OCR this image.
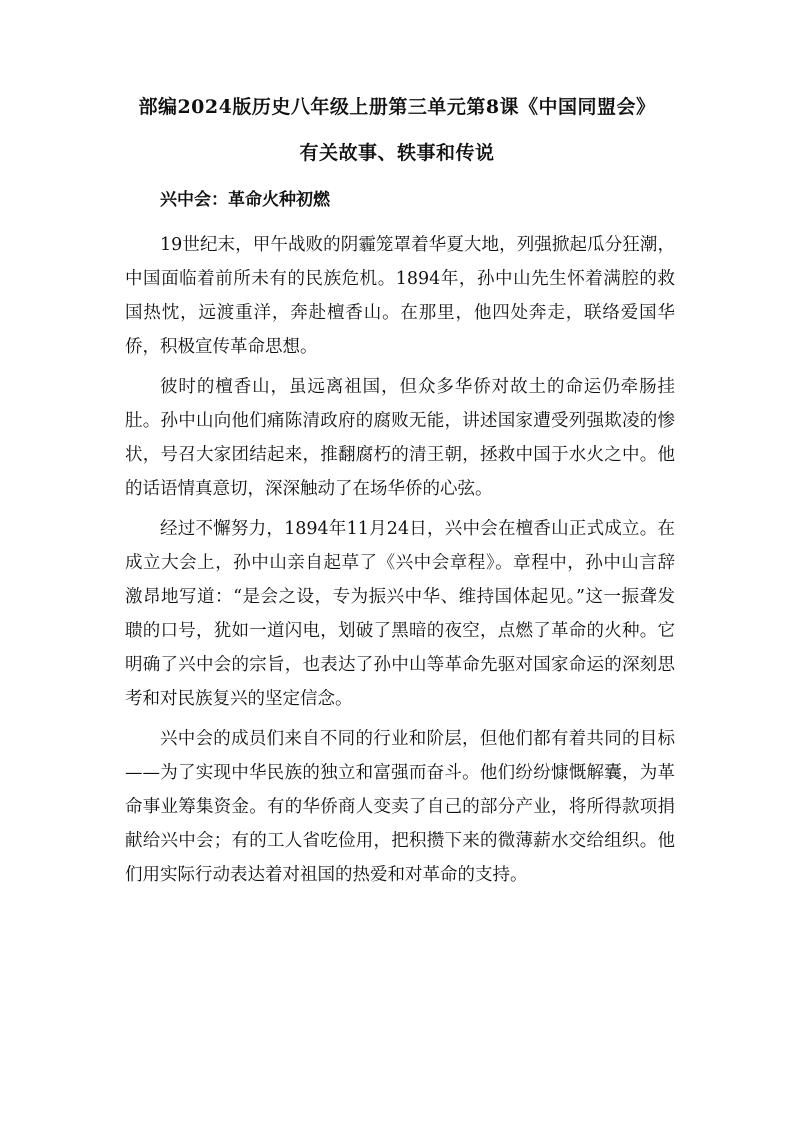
部编2024版历史八年级上册第三单元第8课《中国同盟会》
有关故事、轶事和传说
兴中会：革命火种初燃

19世纪末，甲午战败的阴霾笼罩着华夏大地，列强掀起瓜分狂潮，中国面临着前所未有的民族危机。1894年，孙中山先生怀着满腔的救国热忱，远渡重洋，奔赴檀香山。在那里，他四处奔走，联络爱国华侨，积极宣传革命思想。

彼时的檀香山，虽远离祖国，但众多华侨对故土的命运仍牵肠挂肚。孙中山向他们痛陈清政府的腐败无能，讲述国家遭受列强欺凌的惨状，号召大家团结起来，推翻腐朽的清王朝，拯救中国于水火之中。他的话语情真意切，深深触动了在场华侨的心弦。

经过不懈努力，1894年11月24日，兴中会在檀香山正式成立。在成立大会上，孙中山亲自起草了《兴中会章程》。章程中，孙中山言辞激昂地写道：“是会之设，专为振兴中华、维持国体起见。”这一振聋发聩的口号，犹如一道闪电，划破了黑暗的夜空，点燃了革命的火种。它明确了兴中会的宗旨，也表达了孙中山等革命先驱对国家命运的深刻思考和对民族复兴的坚定信念。

兴中会的成员们来自不同的行业和阶层，但他们都有着共同的目标——为了实现中华民族的独立和富强而奋斗。他们纷纷慷慨解囊，为革命事业筹集资金。有的华侨商人变卖了自己的部分产业，将所得款项捐献给兴中会；有的工人省吃俭用，把积攒下来的微薄薪水交给组织。他们用实际行动表达着对祖国的热爱和对革命的支持。
